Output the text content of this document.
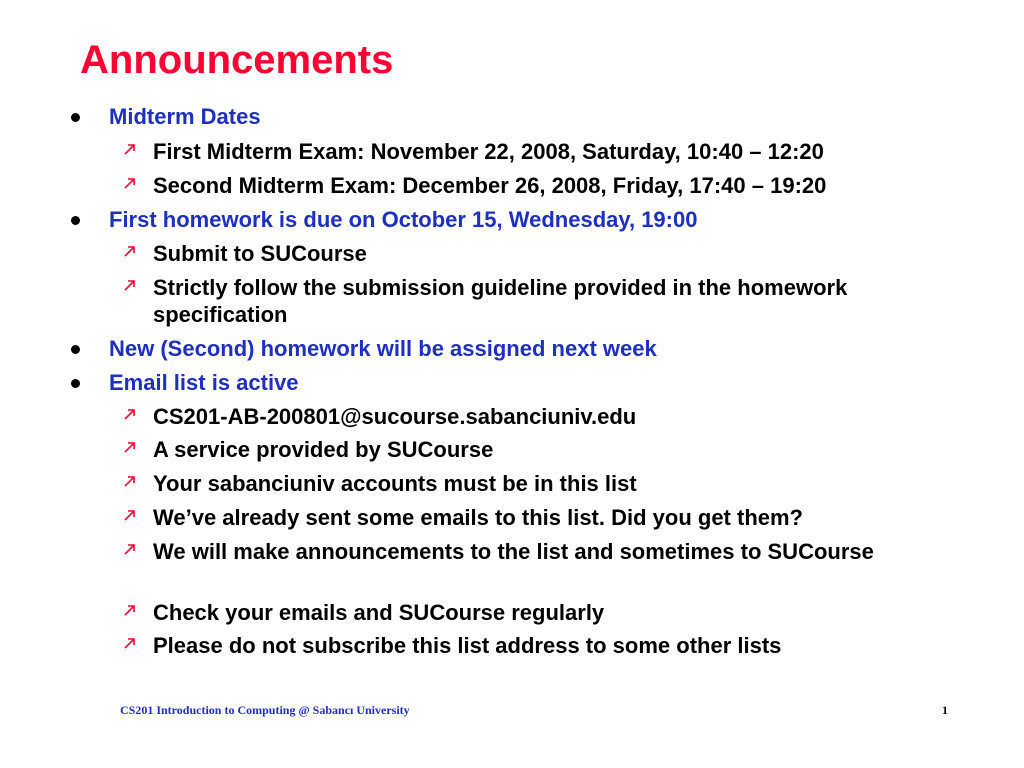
Announcements
Midterm Dates
First Midterm Exam: November 22, 2008, Saturday, 10:40 – 12:20
Second Midterm Exam: December 26, 2008, Friday, 17:40 – 19:20
First homework is due on October 15, Wednesday, 19:00
Submit to SUCourse
Strictly follow the submission guideline provided in the homework specification
New (Second) homework will be assigned next week
Email list is active
CS201-AB-200801@sucourse.sabanciuniv.edu
A service provided by SUCourse
Your sabanciuniv accounts must be in this list
We’ve already sent some emails to this list. Did you get them?
We will make announcements to the list and sometimes to SUCourse
Check your emails and SUCourse regularly
Please do not subscribe this list address to some other lists
CS201 Introduction to Computing @ Sabancı University	1
